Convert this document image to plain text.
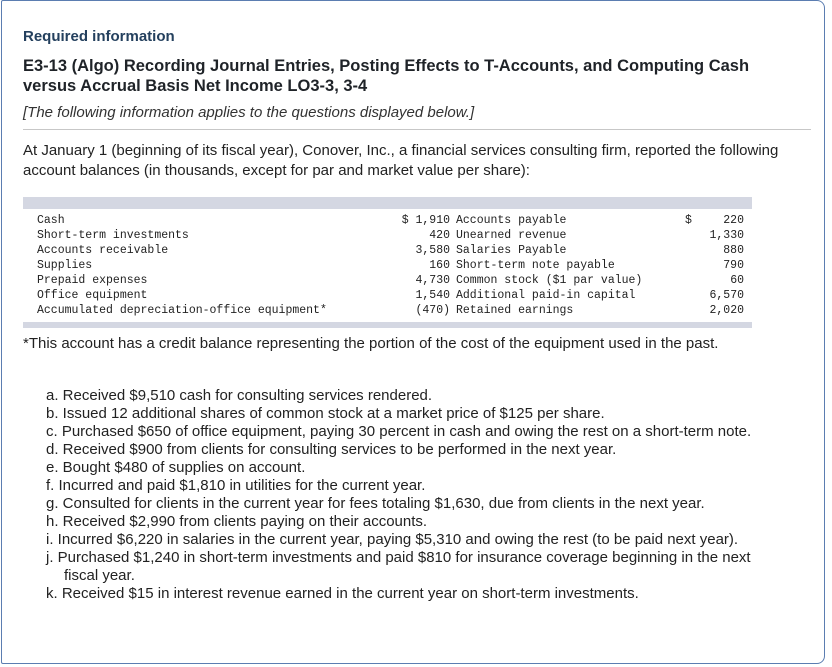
Required information
E3-13 (Algo) Recording Journal Entries, Posting Effects to T-Accounts, and Computing Cash versus Accrual Basis Net Income LO3-3, 3-4
[The following information applies to the questions displayed below.]
At January 1 (beginning of its fiscal year), Conover, Inc., a financial services consulting firm, reported the following account balances (in thousands, except for par and market value per share):
Cash
Short-term investments
Accounts receivable
Supplies
Prepaid expenses
Office equipment
Accumulated depreciation-office equipment*
$ 1,910
420
3,580
160
4,730
1,540
(470)
Accounts payable
Unearned revenue
Salaries Payable
Short-term note payable
Common stock ($1 par value)
Additional paid-in capital
Retained earnings
$	220
1,330
880
790
60
6,570
2,020
*This account has a credit balance representing the portion of the cost of the equipment used in the past.
a. Received $9,510 cash for consulting services rendered.
b. Issued 12 additional shares of common stock at a market price of $125 per share.
c. Purchased $650 of office equipment, paying 30 percent in cash and owing the rest on a short-term note.
d. Received $900 from clients for consulting services to be performed in the next year.
e. Bought $480 of supplies on account.
f. Incurred and paid $1,810 in utilities for the current year.
g. Consulted for clients in the current year for fees totaling $1,630, due from clients in the next year.
h. Received $2,990 from clients paying on their accounts.
i. Incurred $6,220 in salaries in the current year, paying $5,310 and owing the rest (to be paid next year).
j. Purchased $1,240 in short-term investments and paid $810 for insurance coverage beginning in the next fiscal year.
k. Received $15 in interest revenue earned in the current year on short-term investments.
